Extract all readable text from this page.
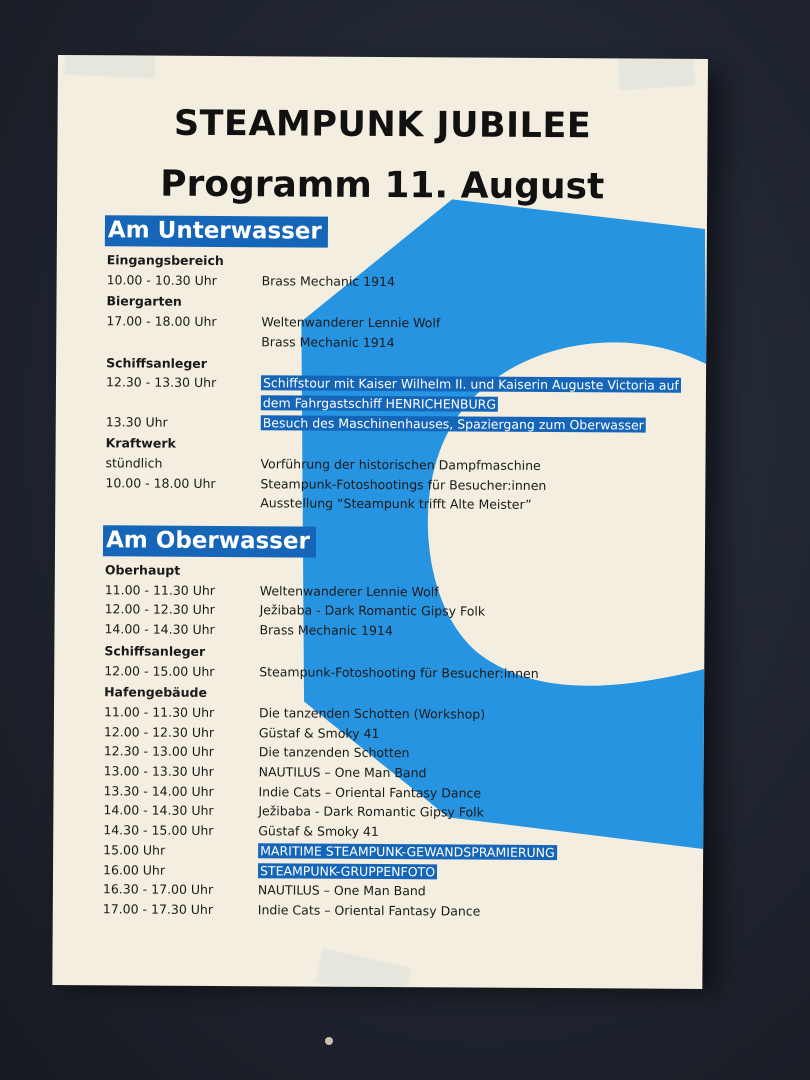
STEAMPUNK JUBILEE
Programm 11. August
Am Unterwasser
Eingangsbereich
10.00 - 10.30 Uhr	Brass Mechanic 1914
Biergarten
17.00 - 18.00 Uhr	Weltenwanderer Lennie Wolf
Brass Mechanic 1914
Schiffsanleger
12.30 - 13.30 Uhr	Schiffstour mit Kaiser Wilhelm II. und Kaiserin Auguste Victoria auf
dem Fahrgastschiff HENRICHENBURG
13.30 Uhr	Besuch des Maschinenhauses, Spaziergang zum Oberwasser
Kraftwerk
stündlich	Vorführung der historischen Dampfmaschine
10.00 - 18.00 Uhr	Steampunk-Fotoshootings für Besucher:innen
Ausstellung “Steampunk trifft Alte Meister”
Am Oberwasser
Oberhaupt
11.00 - 11.30 Uhr	Weltenwanderer Lennie Wolf
12.00 - 12.30 Uhr	Ježibaba - Dark Romantic Gipsy Folk
14.00 - 14.30 Uhr	Brass Mechanic 1914
Schiffsanleger
12.00 - 15.00 Uhr	Steampunk-Fotoshooting für Besucher:innen
Hafengebäude
11.00 - 11.30 Uhr	Die tanzenden Schotten (Workshop)
12.00 - 12.30 Uhr	Güstaf & Smoky 41
12.30 - 13.00 Uhr	Die tanzenden Schotten
13.00 - 13.30 Uhr	NAUTILUS – One Man Band
13.30 - 14.00 Uhr	Indie Cats – Oriental Fantasy Dance
14.00 - 14.30 Uhr	Ježibaba - Dark Romantic Gipsy Folk
14.30 - 15.00 Uhr	Güstaf & Smoky 41
15.00 Uhr	MARITIME STEAMPUNK-GEWANDSPRAMIERUNG
16.00 Uhr	STEAMPUNK-GRUPPENFOTO
16.30 - 17.00 Uhr	NAUTILUS – One Man Band
17.00 - 17.30 Uhr	Indie Cats – Oriental Fantasy Dance
